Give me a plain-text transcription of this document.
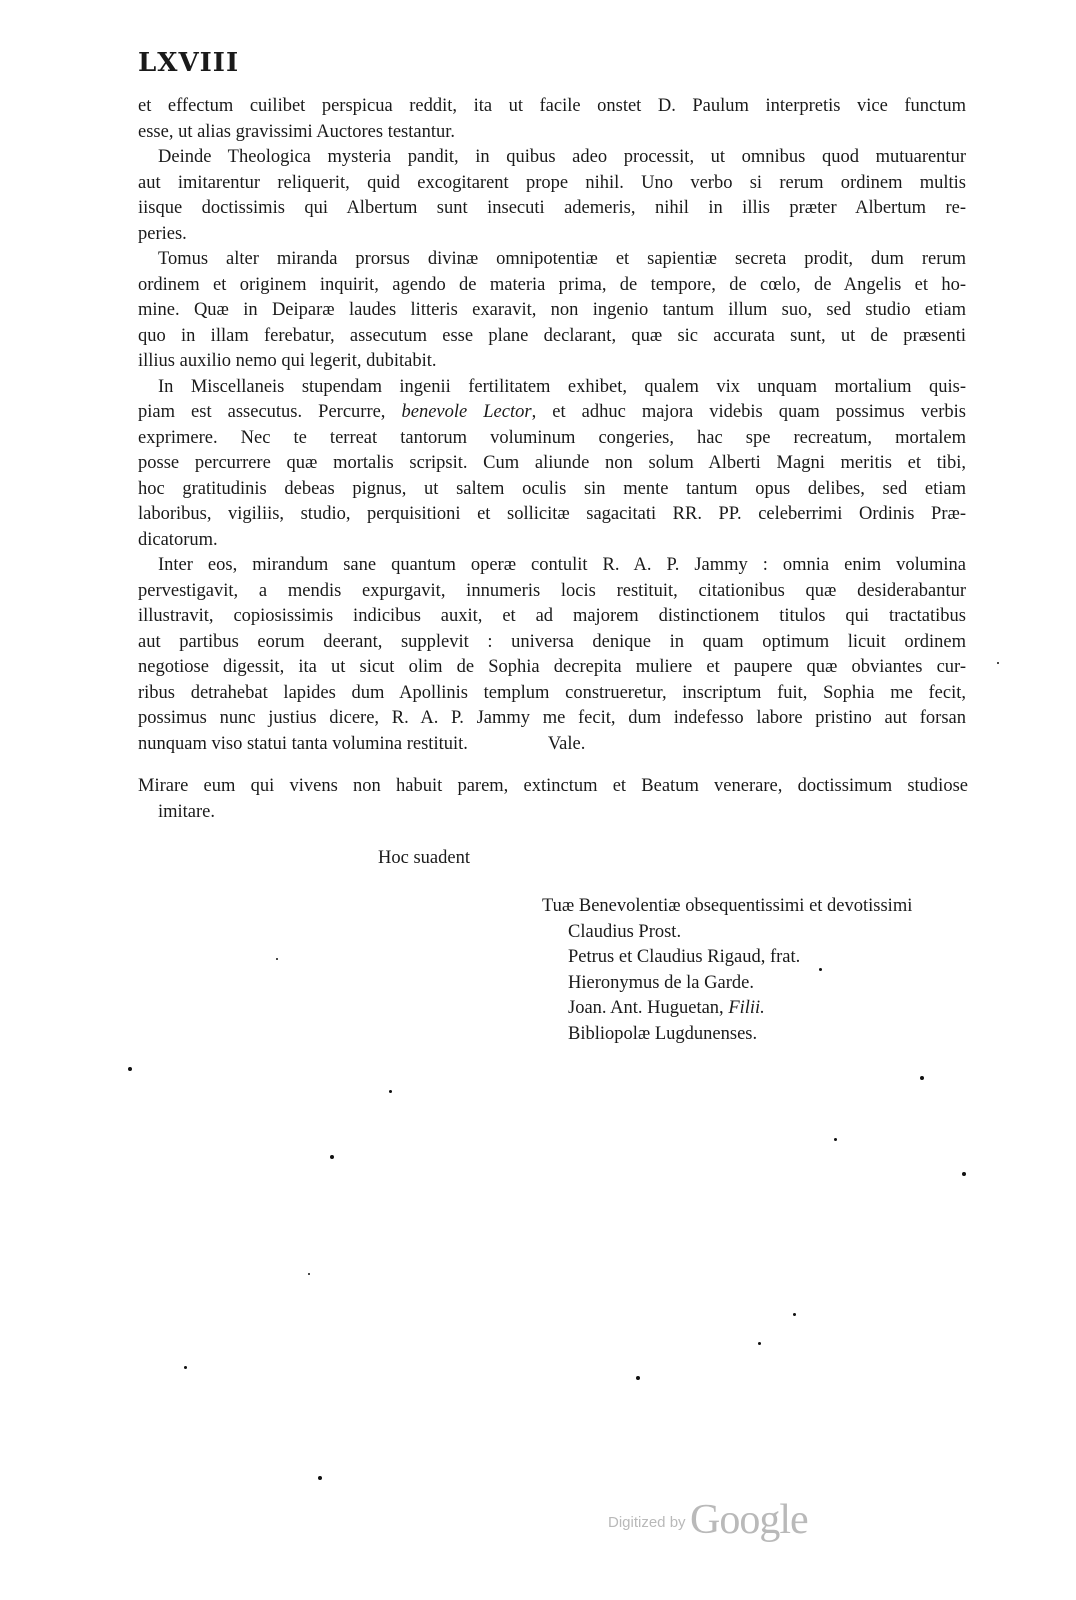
LXVIII
et effectum cuilibet perspicua reddit, ita ut facile onstet D. Paulum interpretis vice functum
esse, ut alias gravissimi Auctores testantur.
Deinde Theologica mysteria pandit, in quibus adeo processit, ut omnibus quod mutuarentur
aut imitarentur reliquerit, quid excogitarent prope nihil. Uno verbo si rerum ordinem multis
iisque doctissimis qui Albertum sunt insecuti ademeris, nihil in illis præter Albertum re-
peries.
Tomus alter miranda prorsus divinæ omnipotentiæ et sapientiæ secreta prodit, dum rerum
ordinem et originem inquirit, agendo de materia prima, de tempore, de cœlo, de Angelis et ho-
mine. Quæ in Deiparæ laudes litteris exaravit, non ingenio tantum illum suo, sed studio etiam
quo in illam ferebatur, assecutum esse plane declarant, quæ sic accurata sunt, ut de præsenti
illius auxilio nemo qui legerit, dubitabit.
In Miscellaneis stupendam ingenii fertilitatem exhibet, qualem vix unquam mortalium quis-
piam est assecutus. Percurre, benevole Lector, et adhuc majora videbis quam possimus verbis
exprimere. Nec te terreat tantorum voluminum congeries, hac spe recreatum, mortalem
posse percurrere quæ mortalis scripsit. Cum aliunde non solum Alberti Magni meritis et tibi,
hoc gratitudinis debeas pignus, ut saltem oculis sin mente tantum opus delibes, sed etiam
laboribus, vigiliis, studio, perquisitioni et sollicitæ sagacitati RR. PP. celeberrimi Ordinis Præ-
dicatorum.
Inter eos, mirandum sane quantum operæ contulit R. A. P. Jammy : omnia enim volumina
pervestigavit, a mendis expurgavit, innumeris locis restituit, citationibus quæ desiderabantur
illustravit, copiosissimis indicibus auxit, et ad majorem distinctionem titulos qui tractatibus
aut partibus eorum deerant, supplevit : universa denique in quam optimum licuit ordinem
negotiose digessit, ita ut sicut olim de Sophia decrepita muliere et paupere quæ obviantes cur-
ribus detrahebat lapides dum Apollinis templum construeretur, inscriptum fuit, Sophia me fecit,
possimus nunc justius dicere, R. A. P. Jammy me fecit, dum indefesso labore pristino aut forsan
nunquam viso statui tanta volumina restituit.	Vale.
Mirare eum qui vivens non habuit parem, extinctum et Beatum venerare, doctissimum studiose
imitare.
Hoc suadent
Tuæ Benevolentiæ obsequentissimi et devotissimi
Claudius Prost.
Petrus et Claudius Rigaud, frat.
Hieronymus de la Garde.
Joan. Ant. Huguetan, Filii.
Bibliopolæ Lugdunenses.
Digitized by Google
